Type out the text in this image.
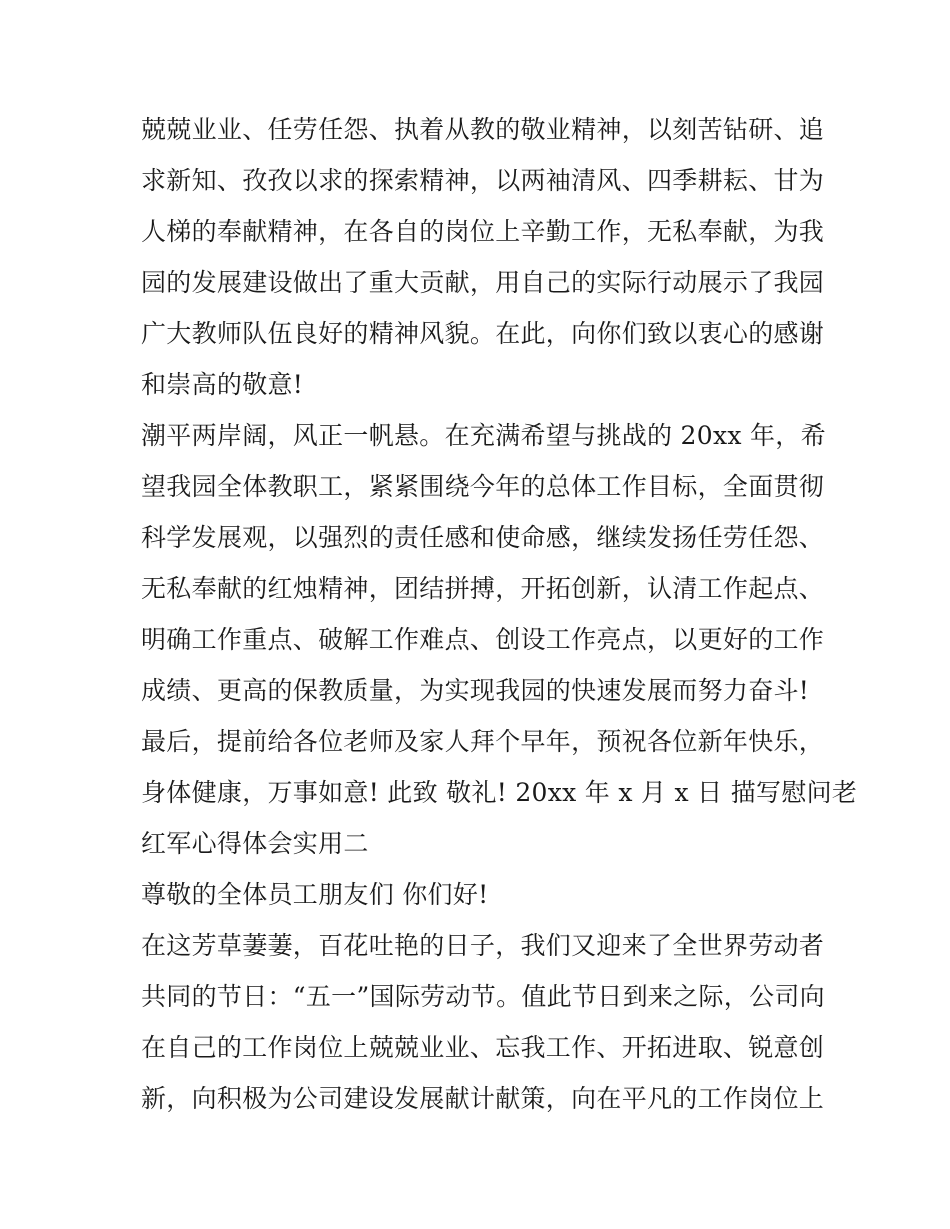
兢兢业业、任劳任怨、执着从教的敬业精神，以刻苦钻研、追
求新知、孜孜以求的探索精神，以两袖清风、四季耕耘、甘为
人梯的奉献精神，在各自的岗位上辛勤工作，无私奉献，为我
园的发展建设做出了重大贡献，用自己的实际行动展示了我园
广大教师队伍良好的精神风貌。在此，向你们致以衷心的感谢
和崇高的敬意!
潮平两岸阔，风正一帆悬。在充满希望与挑战的 20xx 年，希
望我园全体教职工，紧紧围绕今年的总体工作目标，全面贯彻
科学发展观，以强烈的责任感和使命感，继续发扬任劳任怨、
无私奉献的红烛精神，团结拼搏，开拓创新，认清工作起点、
明确工作重点、破解工作难点、创设工作亮点，以更好的工作
成绩、更高的保教质量，为实现我园的快速发展而努力奋斗!
最后，提前给各位老师及家人拜个早年，预祝各位新年快乐，
身体健康，万事如意! 此致 敬礼! 20xx 年 x 月 x 日 描写慰问老
红军心得体会实用二
尊敬的全体员工朋友们 你们好!
在这芳草萋萋，百花吐艳的日子，我们又迎来了全世界劳动者
共同的节日：“五一”国际劳动节。值此节日到来之际，公司向
在自己的工作岗位上兢兢业业、忘我工作、开拓进取、锐意创
新，向积极为公司建设发展献计献策，向在平凡的工作岗位上
